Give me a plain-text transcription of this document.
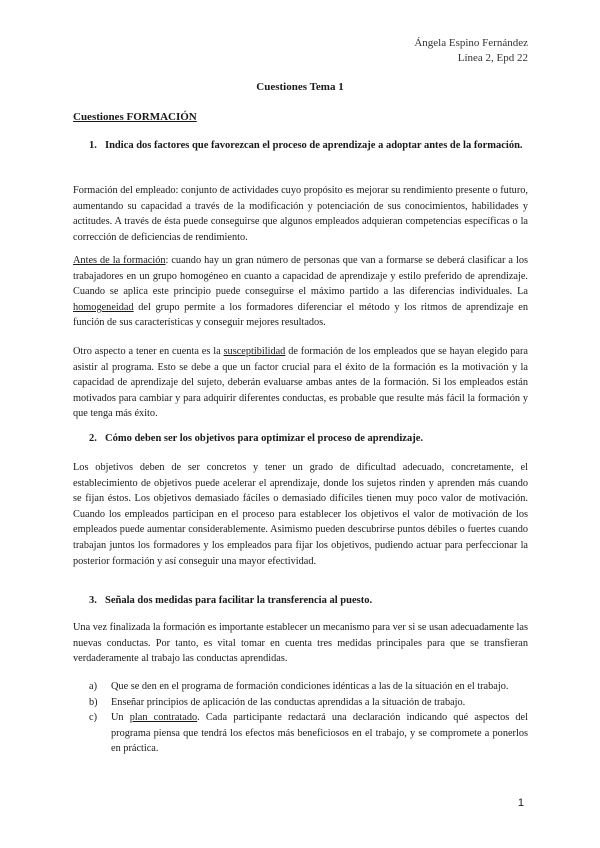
Ángela Espino Fernández
Línea 2, Epd 22
Cuestiones Tema 1
Cuestiones FORMACIÓN
1. Indica dos factores que favorezcan el proceso de aprendizaje a adoptar antes de la formación.
Formación del empleado: conjunto de actividades cuyo propósito es mejorar su rendimiento presente o futuro, aumentando su capacidad a través de la modificación y potenciación de sus conocimientos, habilidades y actitudes. A través de ésta puede conseguirse que algunos empleados adquieran competencias específicas o la corrección de deficiencias de rendimiento.
Antes de la formación: cuando hay un gran número de personas que van a formarse se deberá clasificar a los trabajadores en un grupo homogéneo en cuanto a capacidad de aprendizaje y estilo preferido de aprendizaje. Cuando se aplica este principio puede conseguirse el máximo partido a las diferencias individuales. La homogeneidad del grupo permite a los formadores diferenciar el método y los ritmos de aprendizaje en función de sus características y conseguir mejores resultados.
Otro aspecto a tener en cuenta es la susceptibilidad de formación de los empleados que se hayan elegido para asistir al programa. Esto se debe a que un factor crucial para el éxito de la formación es la motivación y la capacidad de aprendizaje del sujeto, deberán evaluarse ambas antes de la formación. Si los empleados están motivados para cambiar y para adquirir diferentes conductas, es probable que resulte más fácil la formación y que tenga más éxito.
2. Cómo deben ser los objetivos para optimizar el proceso de aprendizaje.
Los objetivos deben de ser concretos y tener un grado de dificultad adecuado, concretamente, el establecimiento de objetivos puede acelerar el aprendizaje, donde los sujetos rinden y aprenden más cuando se fijan éstos. Los objetivos demasiado fáciles o demasiado difíciles tienen muy poco valor de motivación. Cuando los empleados participan en el proceso para establecer los objetivos el valor de motivación de los empleados puede aumentar considerablemente. Asimismo pueden descubrirse puntos débiles o fuertes cuando trabajan juntos los formadores y los empleados para fijar los objetivos, pudiendo actuar para perfeccionar la posterior formación y así conseguir una mayor efectividad.
3. Señala dos medidas para facilitar la transferencia al puesto.
Una vez finalizada la formación es importante establecer un mecanismo para ver si se usan adecuadamente las nuevas conductas. Por tanto, es vital tomar en cuenta tres medidas principales para que se transfieran verdaderamente al trabajo las conductas aprendidas.
a) Que se den en el programa de formación condiciones idénticas a las de la situación en el trabajo.
b) Enseñar principios de aplicación de las conductas aprendidas a la situación de trabajo.
c) Un plan contratado. Cada participante redactará una declaración indicando qué aspectos del programa piensa que tendrá los efectos más beneficiosos en el trabajo, y se compromete a ponerlos en práctica.
1
